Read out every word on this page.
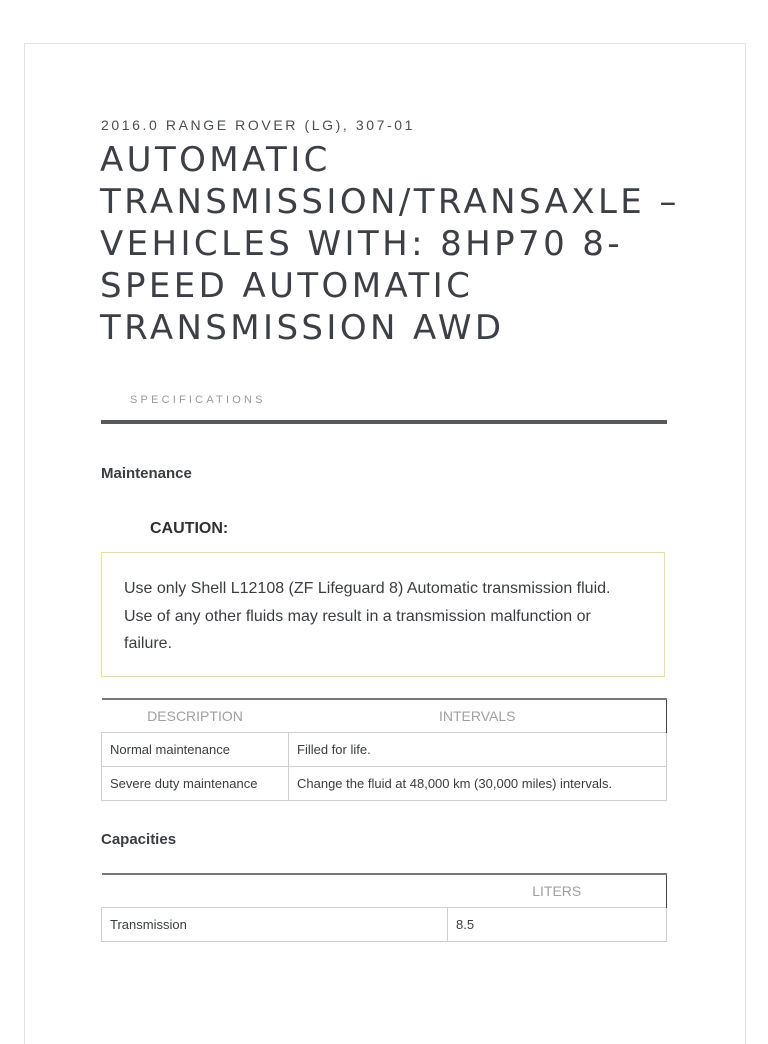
2016.0 RANGE ROVER (LG), 307-01
AUTOMATIC TRANSMISSION/TRANSAXLE – VEHICLES WITH: 8HP70 8-SPEED AUTOMATIC TRANSMISSION AWD
SPECIFICATIONS
Maintenance
CAUTION:
Use only Shell L12108 (ZF Lifeguard 8) Automatic transmission fluid. Use of any other fluids may result in a transmission malfunction or failure.
DESCRIPTION	INTERVALS
Normal maintenance	Filled for life.
Severe duty maintenance	Change the fluid at 48,000 km (30,000 miles) intervals.
Capacities
	LITERS
Transmission	8.5
